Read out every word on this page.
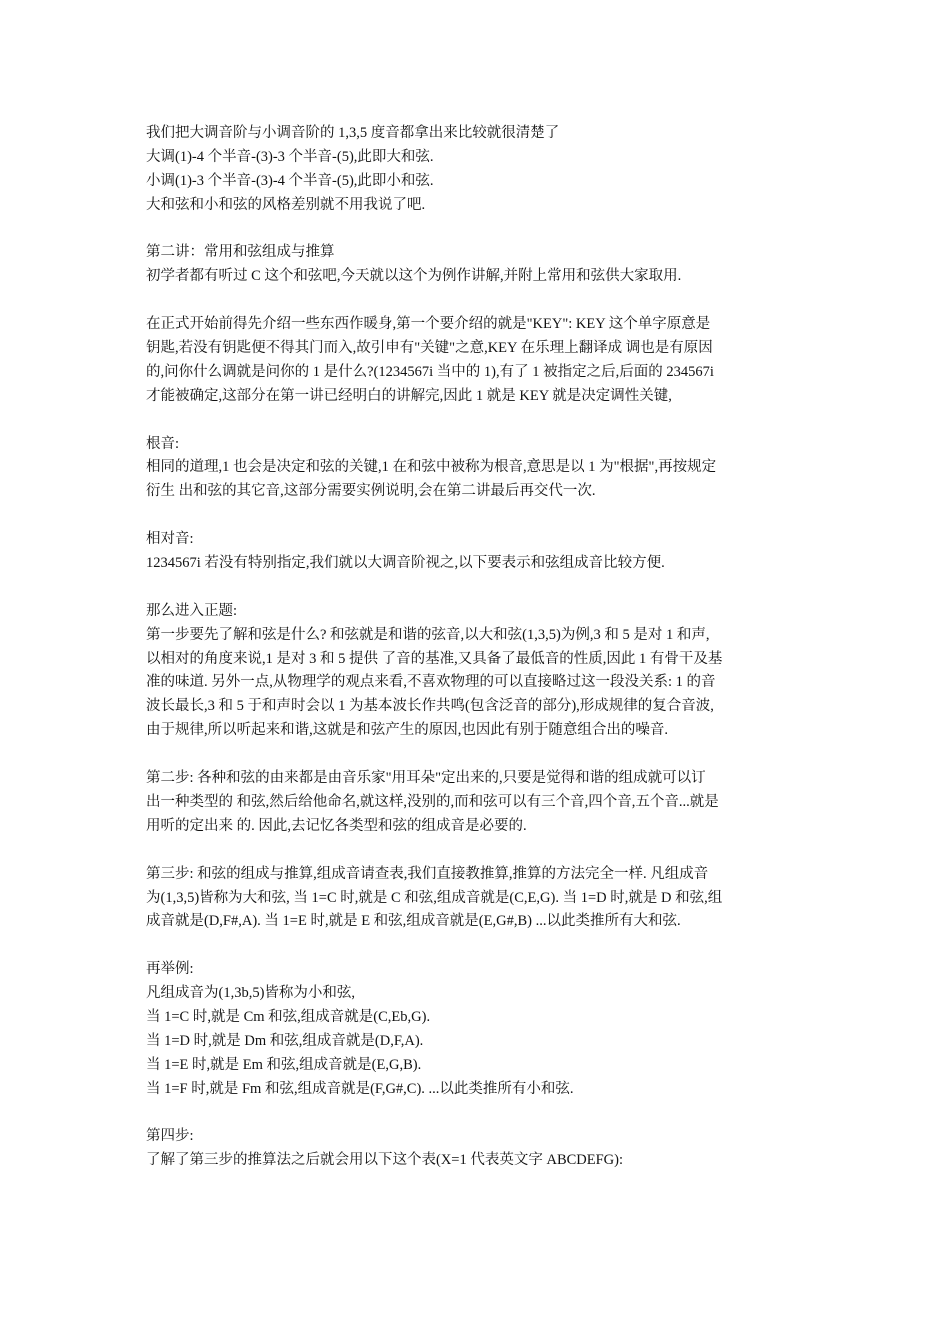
我们把大调音阶与小调音阶的 1,3,5 度音都拿出来比较就很清楚了
大调(1)-4 个半音-(3)-3 个半音-(5),此即大和弦.
小调(1)-3 个半音-(3)-4 个半音-(5),此即小和弦.
大和弦和小和弦的风格差别就不用我说了吧.
第二讲：常用和弦组成与推算
初学者都有听过 C 这个和弦吧,今天就以这个为例作讲解,并附上常用和弦供大家取用.
在正式开始前得先介绍一些东西作暖身,第一个要介绍的就是"KEY": KEY 这个单字原意是
钥匙,若没有钥匙便不得其门而入,故引申有"关键"之意,KEY 在乐理上翻译成 调也是有原因
的,问你什么调就是问你的 1 是什么?(1234567i 当中的 1),有了 1 被指定之后,后面的 234567i
才能被确定,这部分在第一讲已经明白的讲解完,因此 1 就是 KEY 就是决定调性关键,
根音:
相同的道理,1 也会是决定和弦的关键,1 在和弦中被称为根音,意思是以 1 为"根据",再按规定
衍生 出和弦的其它音,这部分需要实例说明,会在第二讲最后再交代一次.
相对音:
1234567i 若没有特别指定,我们就以大调音阶视之,以下要表示和弦组成音比较方便.
那么进入正题:
第一步要先了解和弦是什么? 和弦就是和谐的弦音,以大和弦(1,3,5)为例,3 和 5 是对 1 和声,
以相对的角度来说,1 是对 3 和 5 提供 了音的基准,又具备了最低音的性质,因此 1 有骨干及基
准的味道. 另外一点,从物理学的观点来看,不喜欢物理的可以直接略过这一段没关系: 1 的音
波长最长,3 和 5 于和声时会以 1 为基本波长作共鸣(包含泛音的部分),形成规律的复合音波,
由于规律,所以听起来和谐,这就是和弦产生的原因,也因此有别于随意组合出的噪音.
第二步: 各种和弦的由来都是由音乐家"用耳朵"定出来的,只要是觉得和谐的组成就可以订
出一种类型的 和弦,然后给他命名,就这样,没别的,而和弦可以有三个音,四个音,五个音...就是
用听的定出来 的. 因此,去记忆各类型和弦的组成音是必要的.
第三步: 和弦的组成与推算,组成音请查表,我们直接教推算,推算的方法完全一样. 凡组成音
为(1,3,5)皆称为大和弦, 当 1=C 时,就是 C 和弦,组成音就是(C,E,G). 当 1=D 时,就是 D 和弦,组
成音就是(D,F#,A). 当 1=E 时,就是 E 和弦,组成音就是(E,G#,B) ...以此类推所有大和弦.
再举例:
凡组成音为(1,3b,5)皆称为小和弦,
当 1=C 时,就是 Cm 和弦,组成音就是(C,Eb,G).
当 1=D 时,就是 Dm 和弦,组成音就是(D,F,A).
当 1=E 时,就是 Em 和弦,组成音就是(E,G,B).
当 1=F 时,就是 Fm 和弦,组成音就是(F,G#,C). ...以此类推所有小和弦.
第四步:
了解了第三步的推算法之后就会用以下这个表(X=1 代表英文字 ABCDEFG):
